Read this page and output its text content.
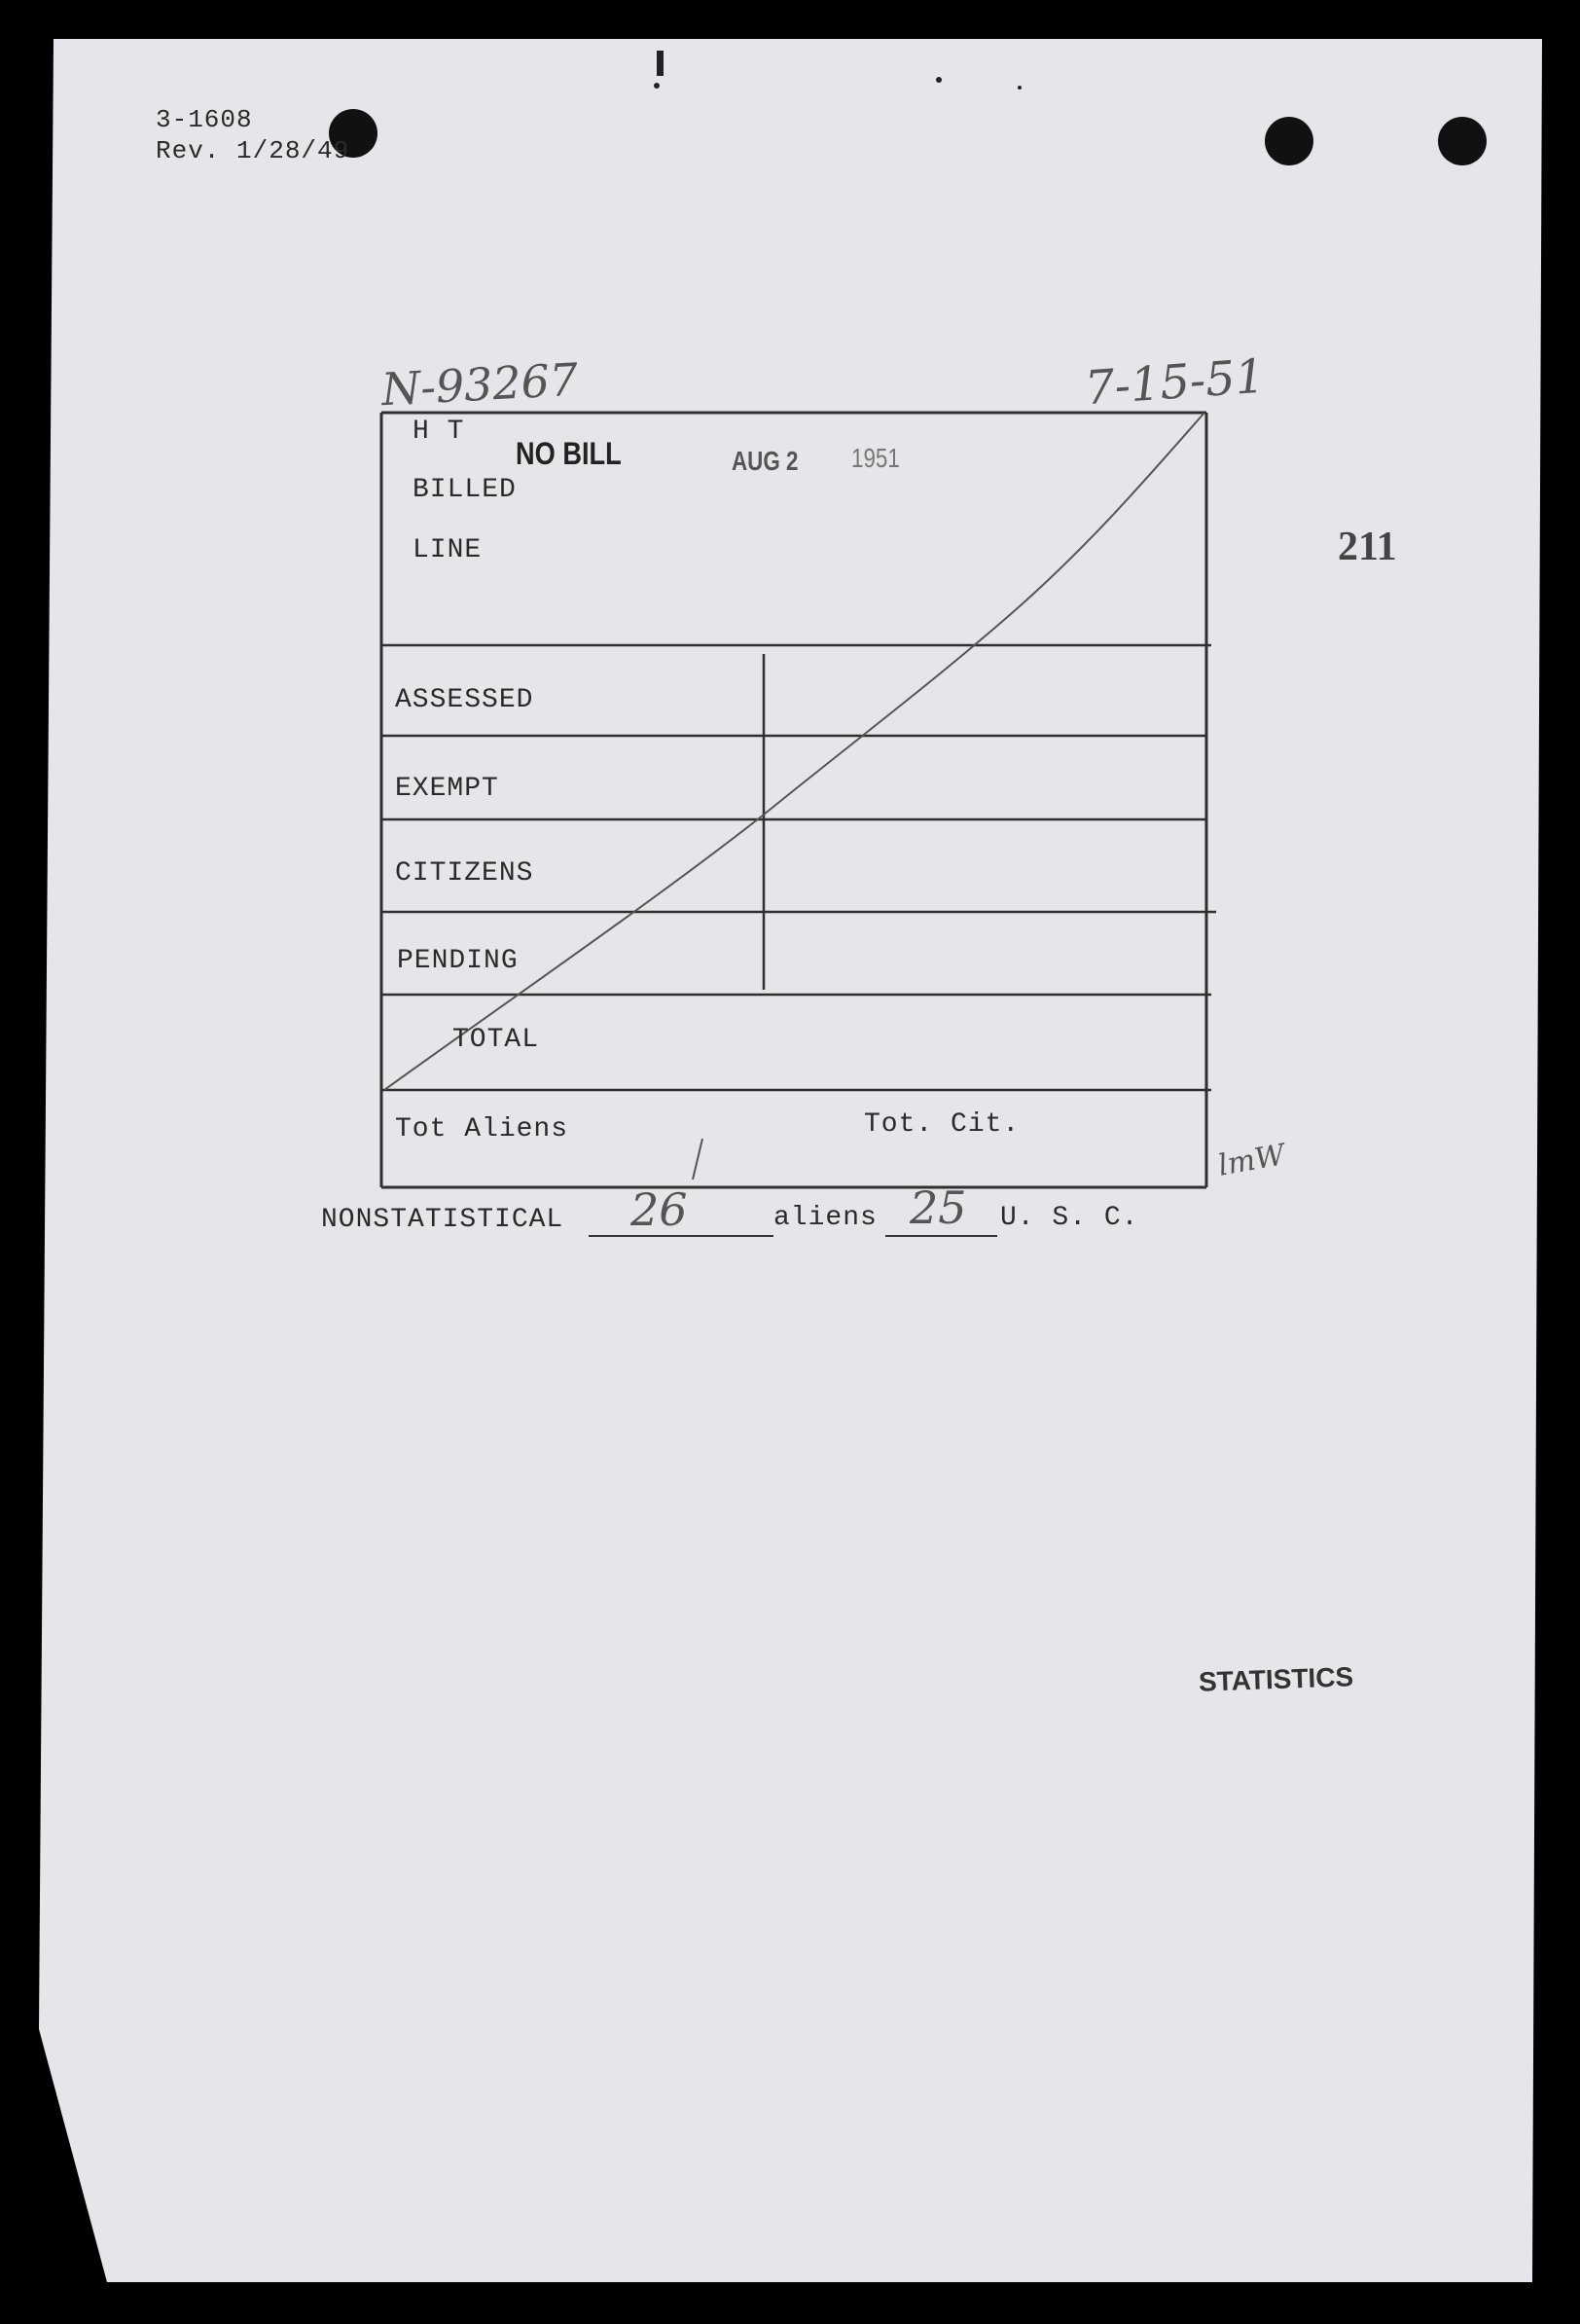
3-1608
Rev. 1/28/49
N-93267	7-15-51
NO BILL	AUG 2 1951
211
H T
BILLED
LINE
ASSESSED
EXEMPT
CITIZENS
PENDING
TOTAL
Tot Aliens	Tot. Cit.
lmW
NONSTATISTICAL 26	aliens 25 U. S. C.
STATISTICS
